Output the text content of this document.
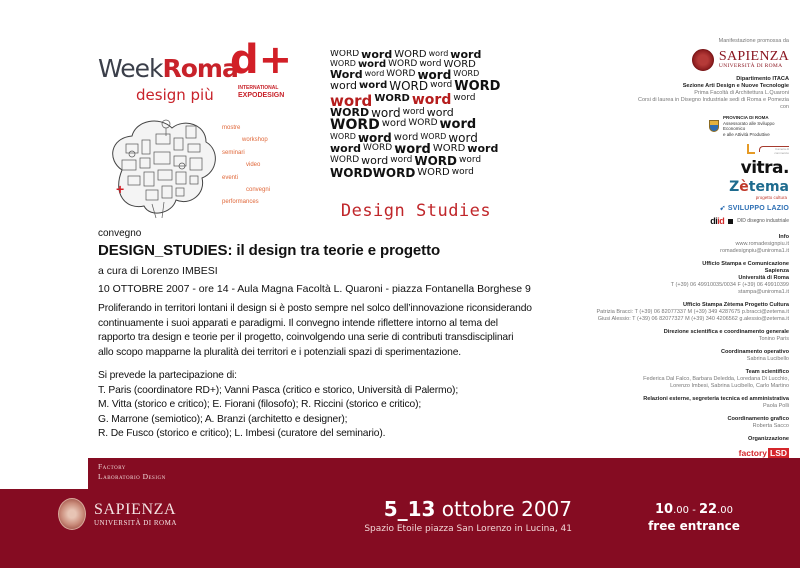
WeekRoma
d+
design più	INTERNATIONAL
EXPODESIGN
+
mostre
workshop
seminari
video
eventi
convegni
performances
WORD word WORD word word
WORD word WORD word WORD
Word word WORD word WORD
word word WORD word WORD
word WORD word word
WORD word word word
WORD word WORD word
WORD word word WORD word
word WORD word WORD word
WORD word word WORD word
WORDWORD WORD word
Design Studies
convegno
DESIGN_STUDIES: il design tra teorie e progetto
a cura di Lorenzo IMBESI
10 OTTOBRE 2007 - ore 14 - Aula Magna Facoltà L. Quaroni - piazza Fontanella Borghese 9
Proliferando in territori lontani il design si è posto sempre nel solco dell’innovazione riconsiderando
continuamente i suoi apparati e paradigmi. Il convegno intende riflettere intorno al tema del
rapporto tra design e teorie per il progetto, coinvolgendo una serie di contributi transdisciplinari
allo scopo mapparne la pluralità dei territori e i potenziali spazi di sperimentazione.
Si prevede la partecipazione di:
T. Paris (coordinatore RD+); Vanni Pasca (critico e storico, Università di Palermo);
M. Vitta (storico e critico); E. Fiorani (filosofo); R. Riccini (storico e critico);
G. Marrone (semiotico); A. Branzi (architetto e designer);
R. De Fusco (storico e critico); L. Imbesi (curatore del seminario).
Manifestazione promossa da
SAPIENZA
UNIVERSITÀ DI ROMA
Dipartimento ITACA
Sezione Arti Design e Nuove Tecnologie
Prima Facoltà di Architettura L.Quaroni
Corsi di laurea in Disegno Industriale sedi di Roma e Pomezia
con
PROVINCIA DI ROMA
Assessorato alle Sviluppo Economico
e alle Attività Produttive
Camera di commercio
vitra.
Zètema
progetto cultura
➹ SVILUPPO LAZIO
diid	DID disegno industriale
Info
www.romadesignpiu.it
romadesignpiu@uniroma1.it
Ufficio Stampa e Comunicazione
Sapienza
Università di Roma
T (+39) 06 49910035/0034 F (+39) 06 49910399
stampa@uniroma1.it
Ufficio Stampa Zètema Progetto Cultura
Patrizia Bracci: T (+39) 06 82077337 M (+39) 349 4287675 p.bracci@zetema.it
Giusi Alessio: T (+39) 06 82077327 M (+39) 340 4206562 g.alessio@zetema.it
Direzione scientifica e coordinamento generale
Tonino Paris
Coordinamento operativo
Sabrina Lucibello
Team scientifico
Federica Dal Falco, Barbara Deledda, Loredana Di Lucchio,
Lorenzo Imbesi, Sabrina Lucibello, Carlo Martino
Relazioni esterne, segreteria tecnica ed amministrativa
Paola Polli
Coordinamento grafico
Roberta Sacco
Organizzazione
factory LSD
Factory
Laboratorio Design
SAPIENZA
UNIVERSITÀ DI ROMA
5_13 ottobre 2007
Spazio Etoile piazza San Lorenzo in Lucina, 41
10.00 - 22.00
free entrance
